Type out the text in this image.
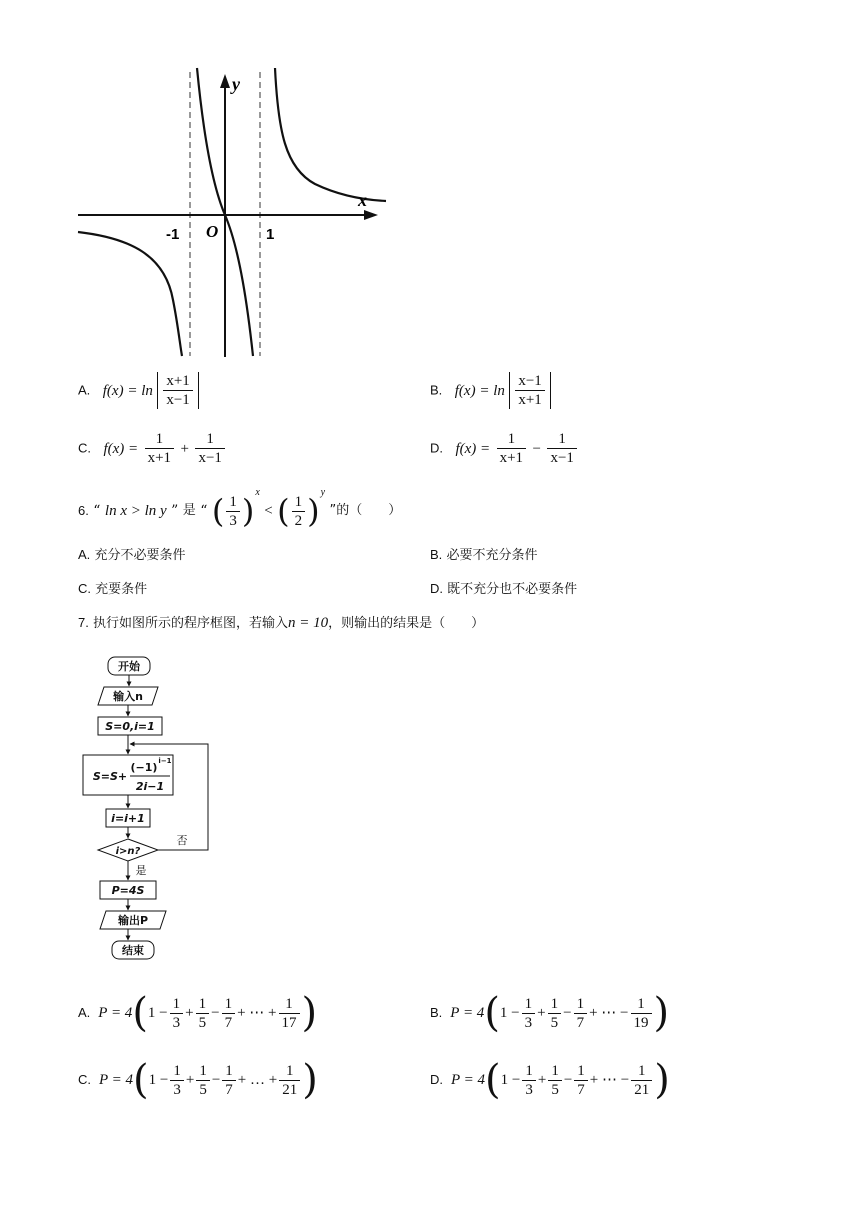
y
x
O
-1	1
A. $f(x) = \ln \frac{x+1}{x-1}$	B. $f(x) = \ln \frac{x-1}{x+1}$
C. $f(x) = \frac{1}{x+1} + \frac{1}{x-1}$	D. $f(x) = \frac{1}{x+1} - \frac{1}{x-1}$
6. “ ln x > ln y ” 是 “ ( $\frac{1}{3} )^x$ < ( $\frac{1}{2} )^y$ ”的（　　）
A. 充分不必要条件	B. 必要不充分条件
C. 充要条件	D. 既不充分也不必要条件
7. 执行如图所示的程序框图，若输入n = 10，则输出的结果是（　　）
开始
输入n
S=0,i=1
S=S+
(−1) i−1
2i−1
i=i+1
i>n?
否
是
P=4S
输出P
结束
A. $P = 4(1 - \frac{1}{3} + \frac{1}{5} - \frac{1}{7}$ + ⋯ + $\frac{1}{17}$ )	B. $P = 4(1 - \frac{1}{3} + \frac{1}{5} - \frac{1}{7}$ + ⋯ − $\frac{1}{19}$ )
C. $P = 4(1 - \frac{1}{3} + \frac{1}{5} - \frac{1}{7}$ + … + $\frac{1}{21}$ )	D. $P = 4(1 - \frac{1}{3} + \frac{1}{5} - \frac{1}{7}$ + ⋯ − $\frac{1}{21}$ )
